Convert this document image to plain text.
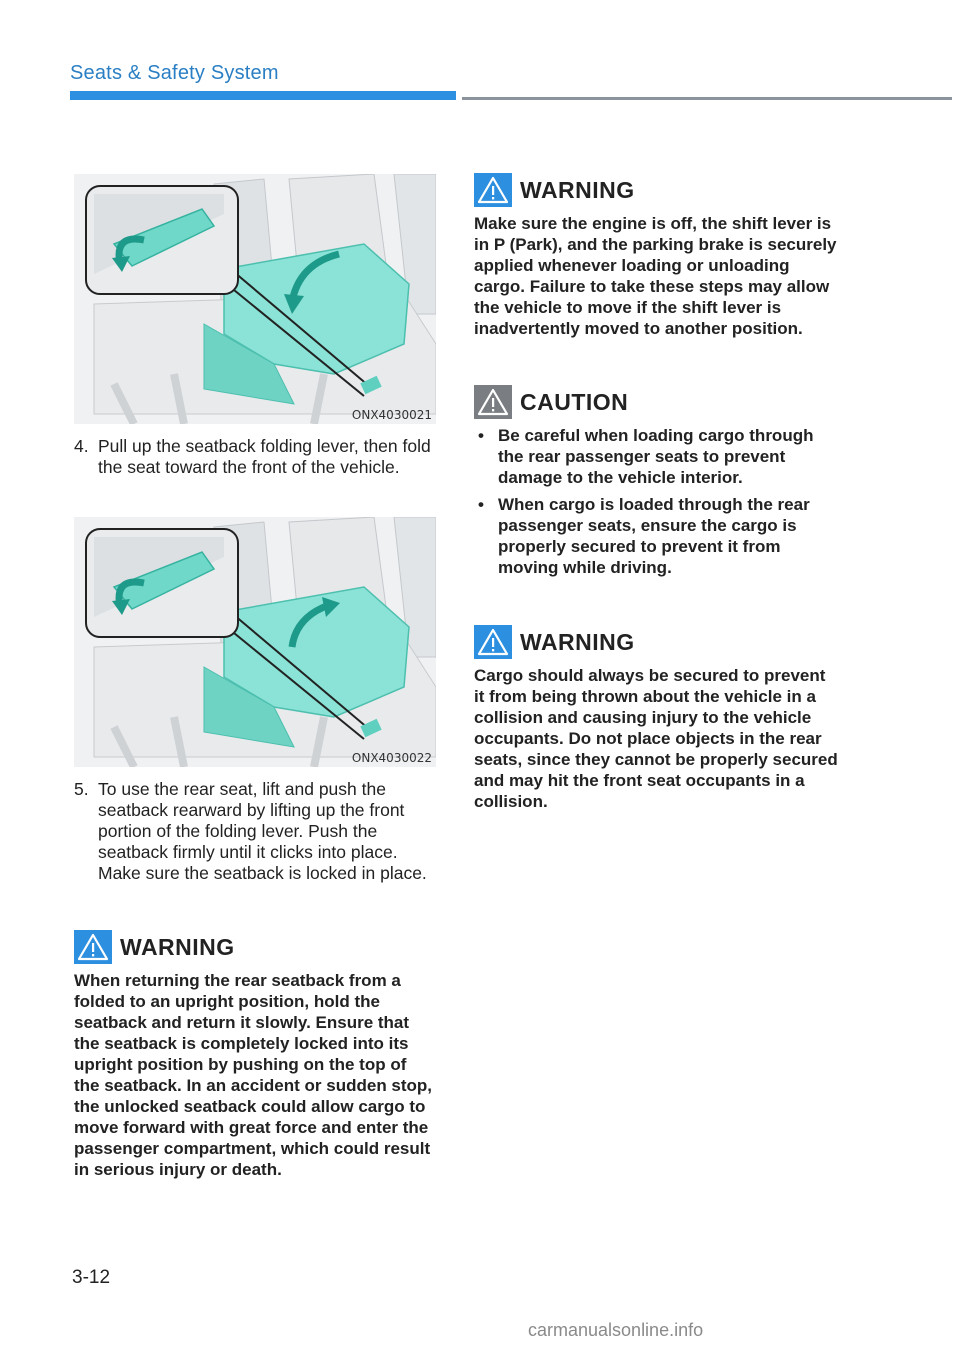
Seats & Safety System
ONX4030021
4. Pull up the seatback folding lever, then fold the seat toward the front of the vehicle.
ONX4030022
5. To use the rear seat, lift and push the seatback rearward by lifting up the front portion of the folding lever. Push the seatback firmly until it clicks into place. Make sure the seatback is locked in place.
WARNING
When returning the rear seatback from a folded to an upright position, hold the seatback and return it slowly. Ensure that the seatback is completely locked into its upright position by pushing on the top of the seatback. In an accident or sudden stop, the unlocked seatback could allow cargo to move forward with great force and enter the passenger compartment, which could result in serious injury or death.
WARNING
Make sure the engine is off, the shift lever is in P (Park), and the parking brake is securely applied whenever loading or unloading cargo. Failure to take these steps may allow the vehicle to move if the shift lever is inadvertently moved to another position.
CAUTION
• Be careful when loading cargo through the rear passenger seats to prevent damage to the vehicle interior.
• When cargo is loaded through the rear passenger seats, ensure the cargo is properly secured to prevent it from moving while driving.
WARNING
Cargo should always be secured to prevent it from being thrown about the vehicle in a collision and causing injury to the vehicle occupants. Do not place objects in the rear seats, since they cannot be properly secured and may hit the front seat occupants in a collision.
3-12
carmanualsonline.info
